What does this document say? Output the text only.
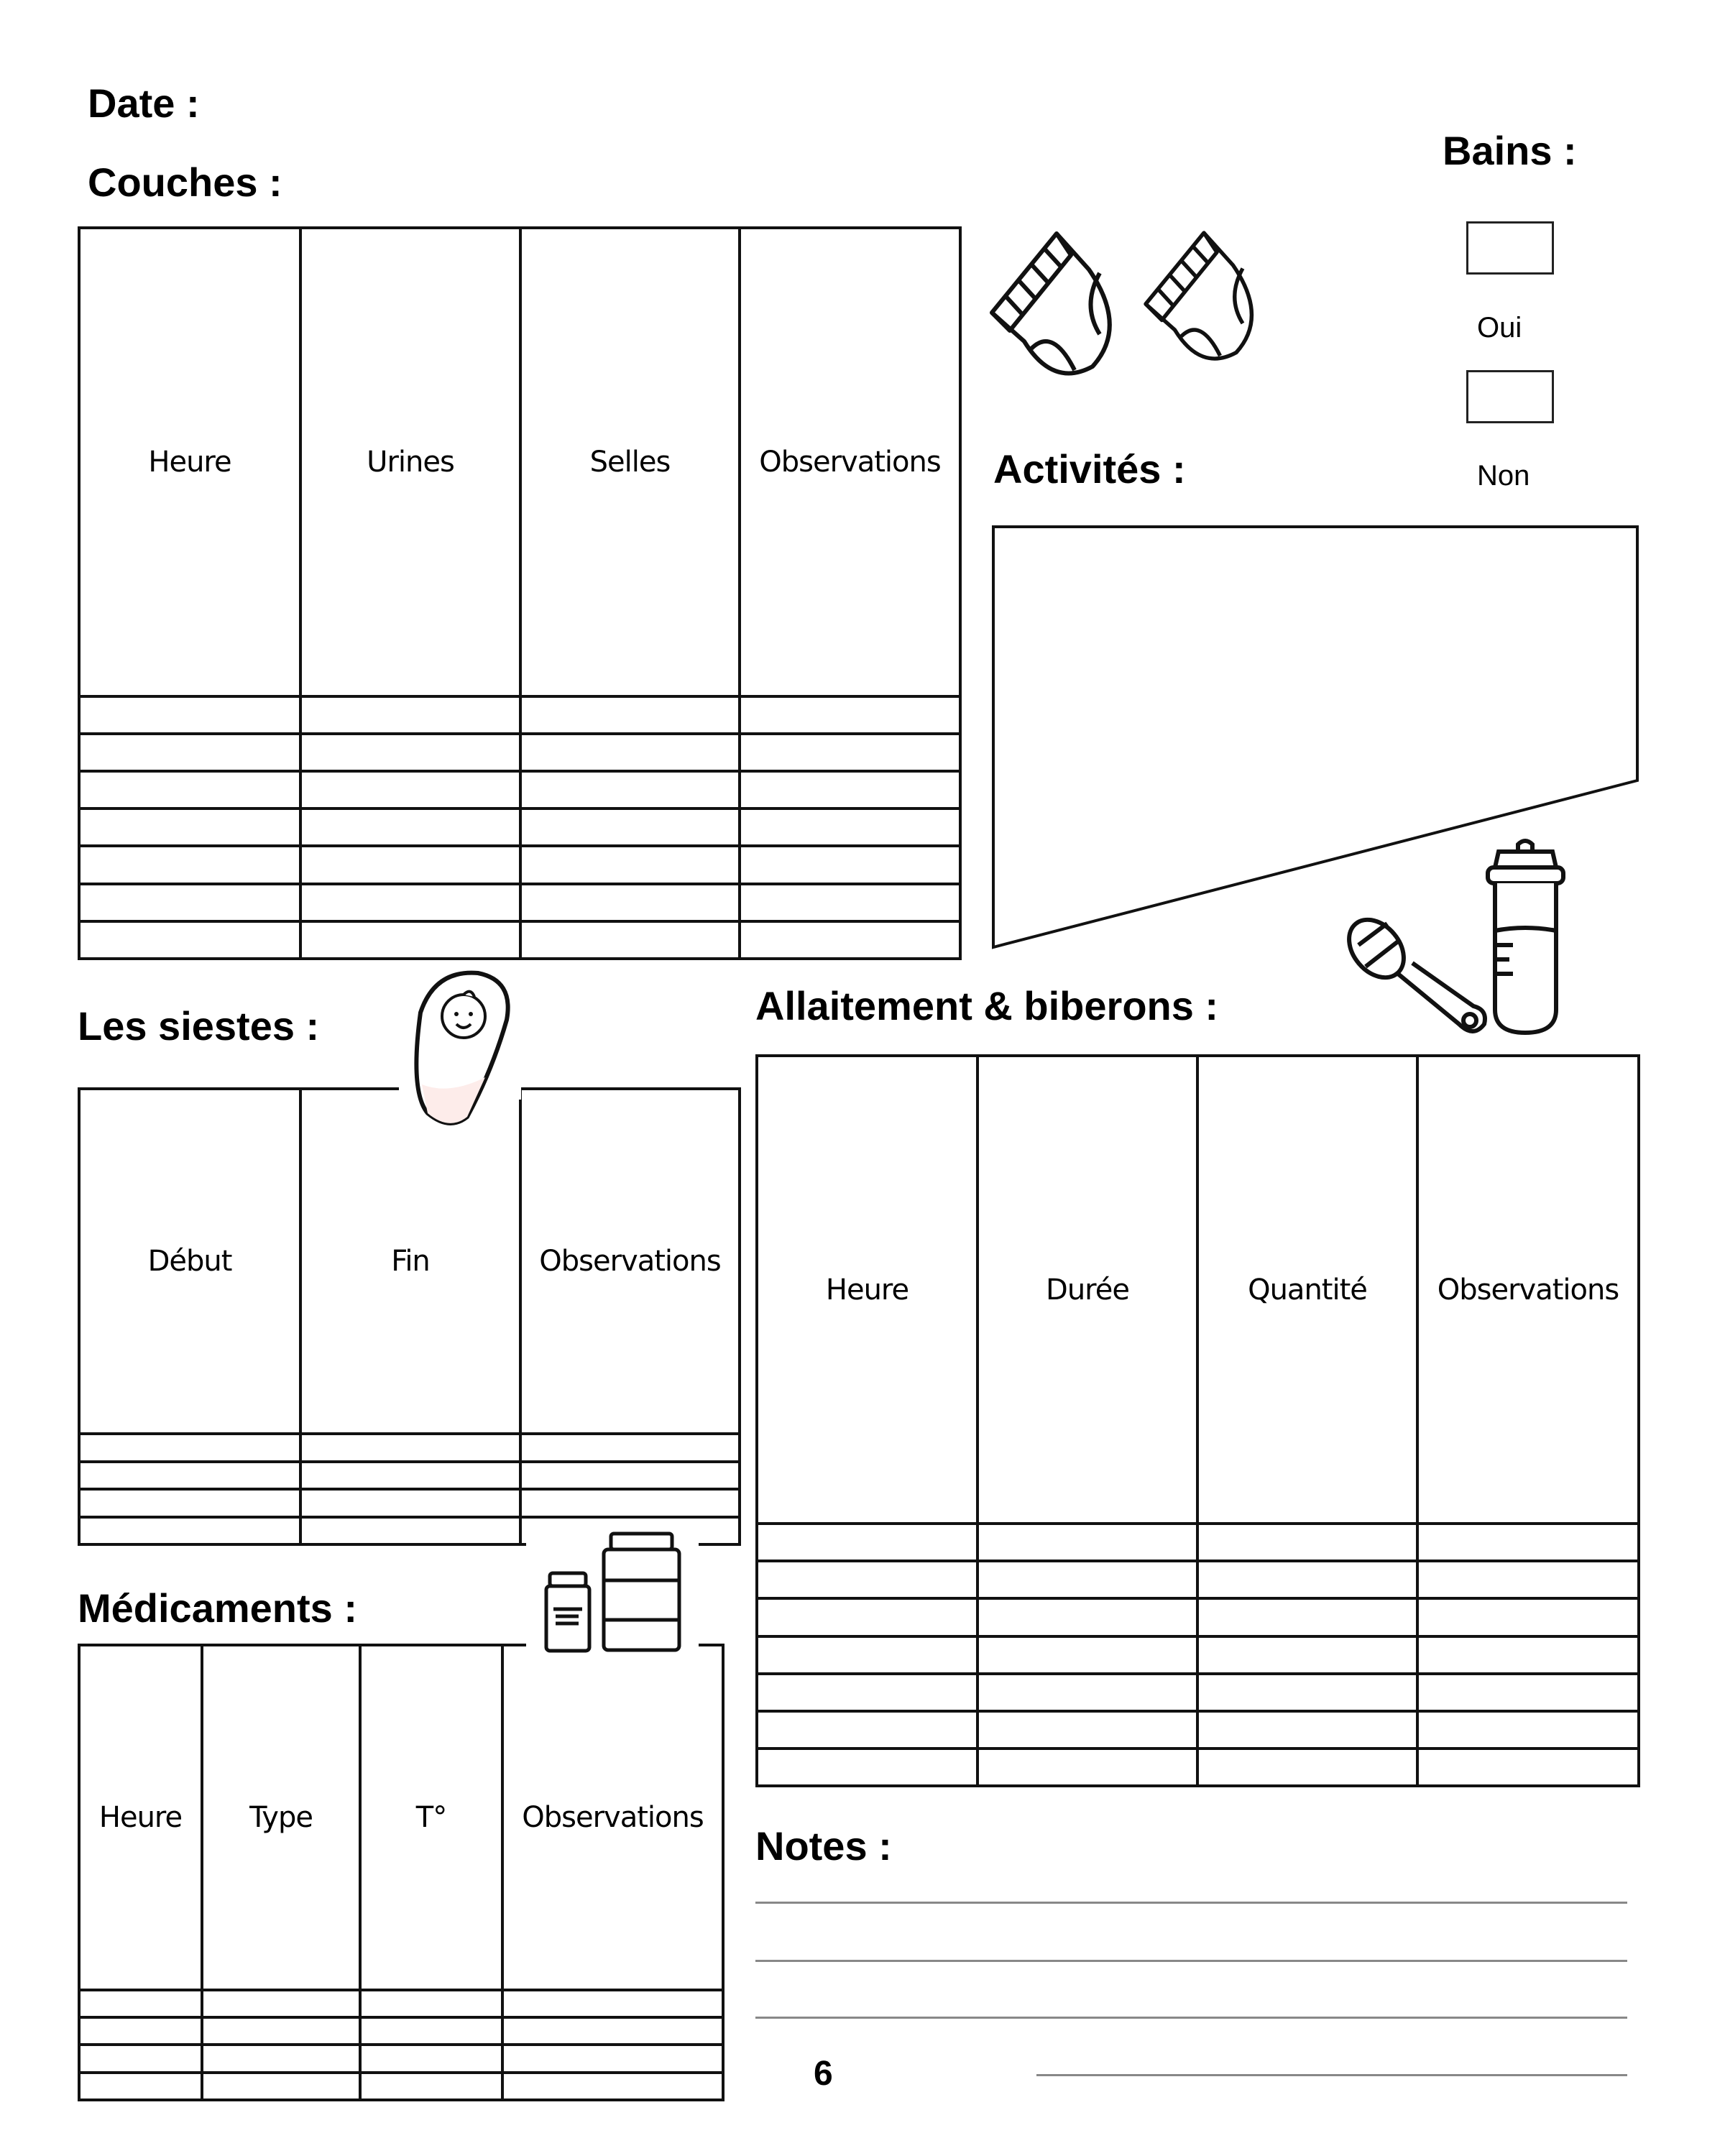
Date :
Couches :
Heure	Urines	Selles	Observations

Bains :
Oui
Non
Activités :
Les siestes :
Début	Fin	Observations

Allaitement & biberons :
Heure	Durée	Quantité	Observations

Médicaments :
Heure	Type	T°	Observations

Notes :
6
